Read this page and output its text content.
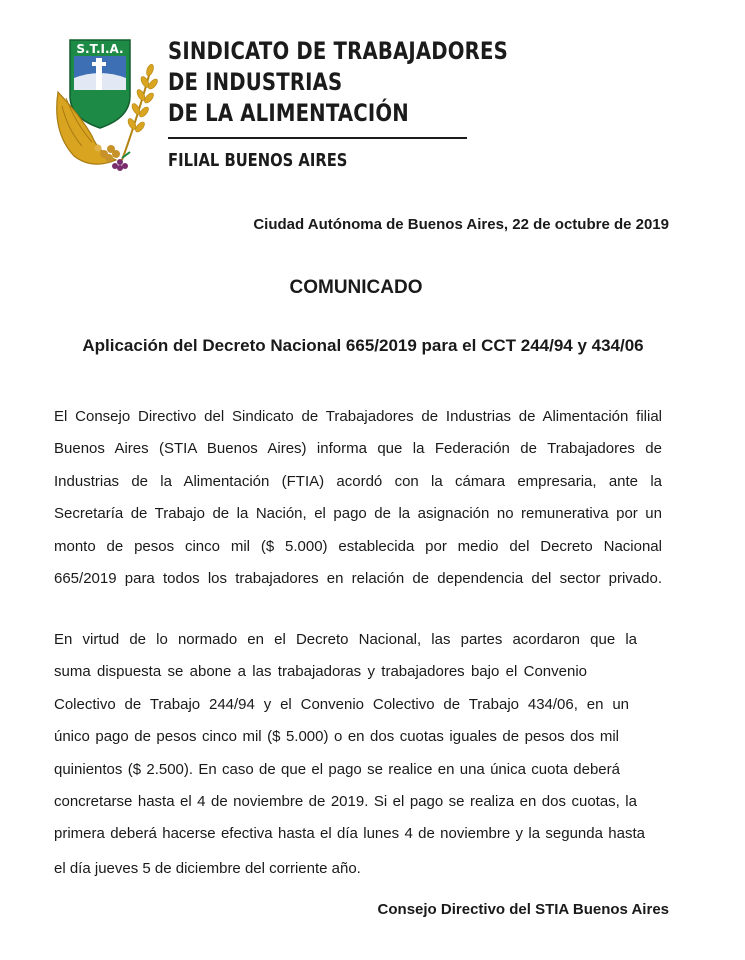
S.T.I.A. SINDICATO DE TRABAJADORES
DE INDUSTRIAS
DE LA ALIMENTACIÓN
FILIAL BUENOS AIRES
Ciudad Autónoma de Buenos Aires, 22 de octubre de 2019
COMUNICADO
Aplicación del Decreto Nacional 665/2019 para el CCT 244/94 y 434/06
El Consejo Directivo del Sindicato de Trabajadores de Industrias de Alimentación filial
Buenos Aires (STIA Buenos Aires) informa que la Federación de Trabajadores de
Industrias de la Alimentación (FTIA) acordó con la cámara empresaria, ante la
Secretaría de Trabajo de la Nación, el pago de la asignación no remunerativa por un
monto de pesos cinco mil ($ 5.000) establecida por medio del Decreto Nacional
665/2019 para todos los trabajadores en relación de dependencia del sector privado.
En virtud de lo normado en el Decreto Nacional, las partes acordaron que la
suma dispuesta se abone a las trabajadoras y trabajadores bajo el Convenio
Colectivo de Trabajo 244/94 y el Convenio Colectivo de Trabajo 434/06, en un
único pago de pesos cinco mil ($ 5.000) o en dos cuotas iguales de pesos dos mil
quinientos ($ 2.500). En caso de que el pago se realice en una única cuota deberá
concretarse hasta el 4 de noviembre de 2019. Si el pago se realiza en dos cuotas, la
primera deberá hacerse efectiva hasta el día lunes 4 de noviembre y la segunda hasta
el día jueves 5 de diciembre del corriente año.
Consejo Directivo del STIA Buenos Aires
